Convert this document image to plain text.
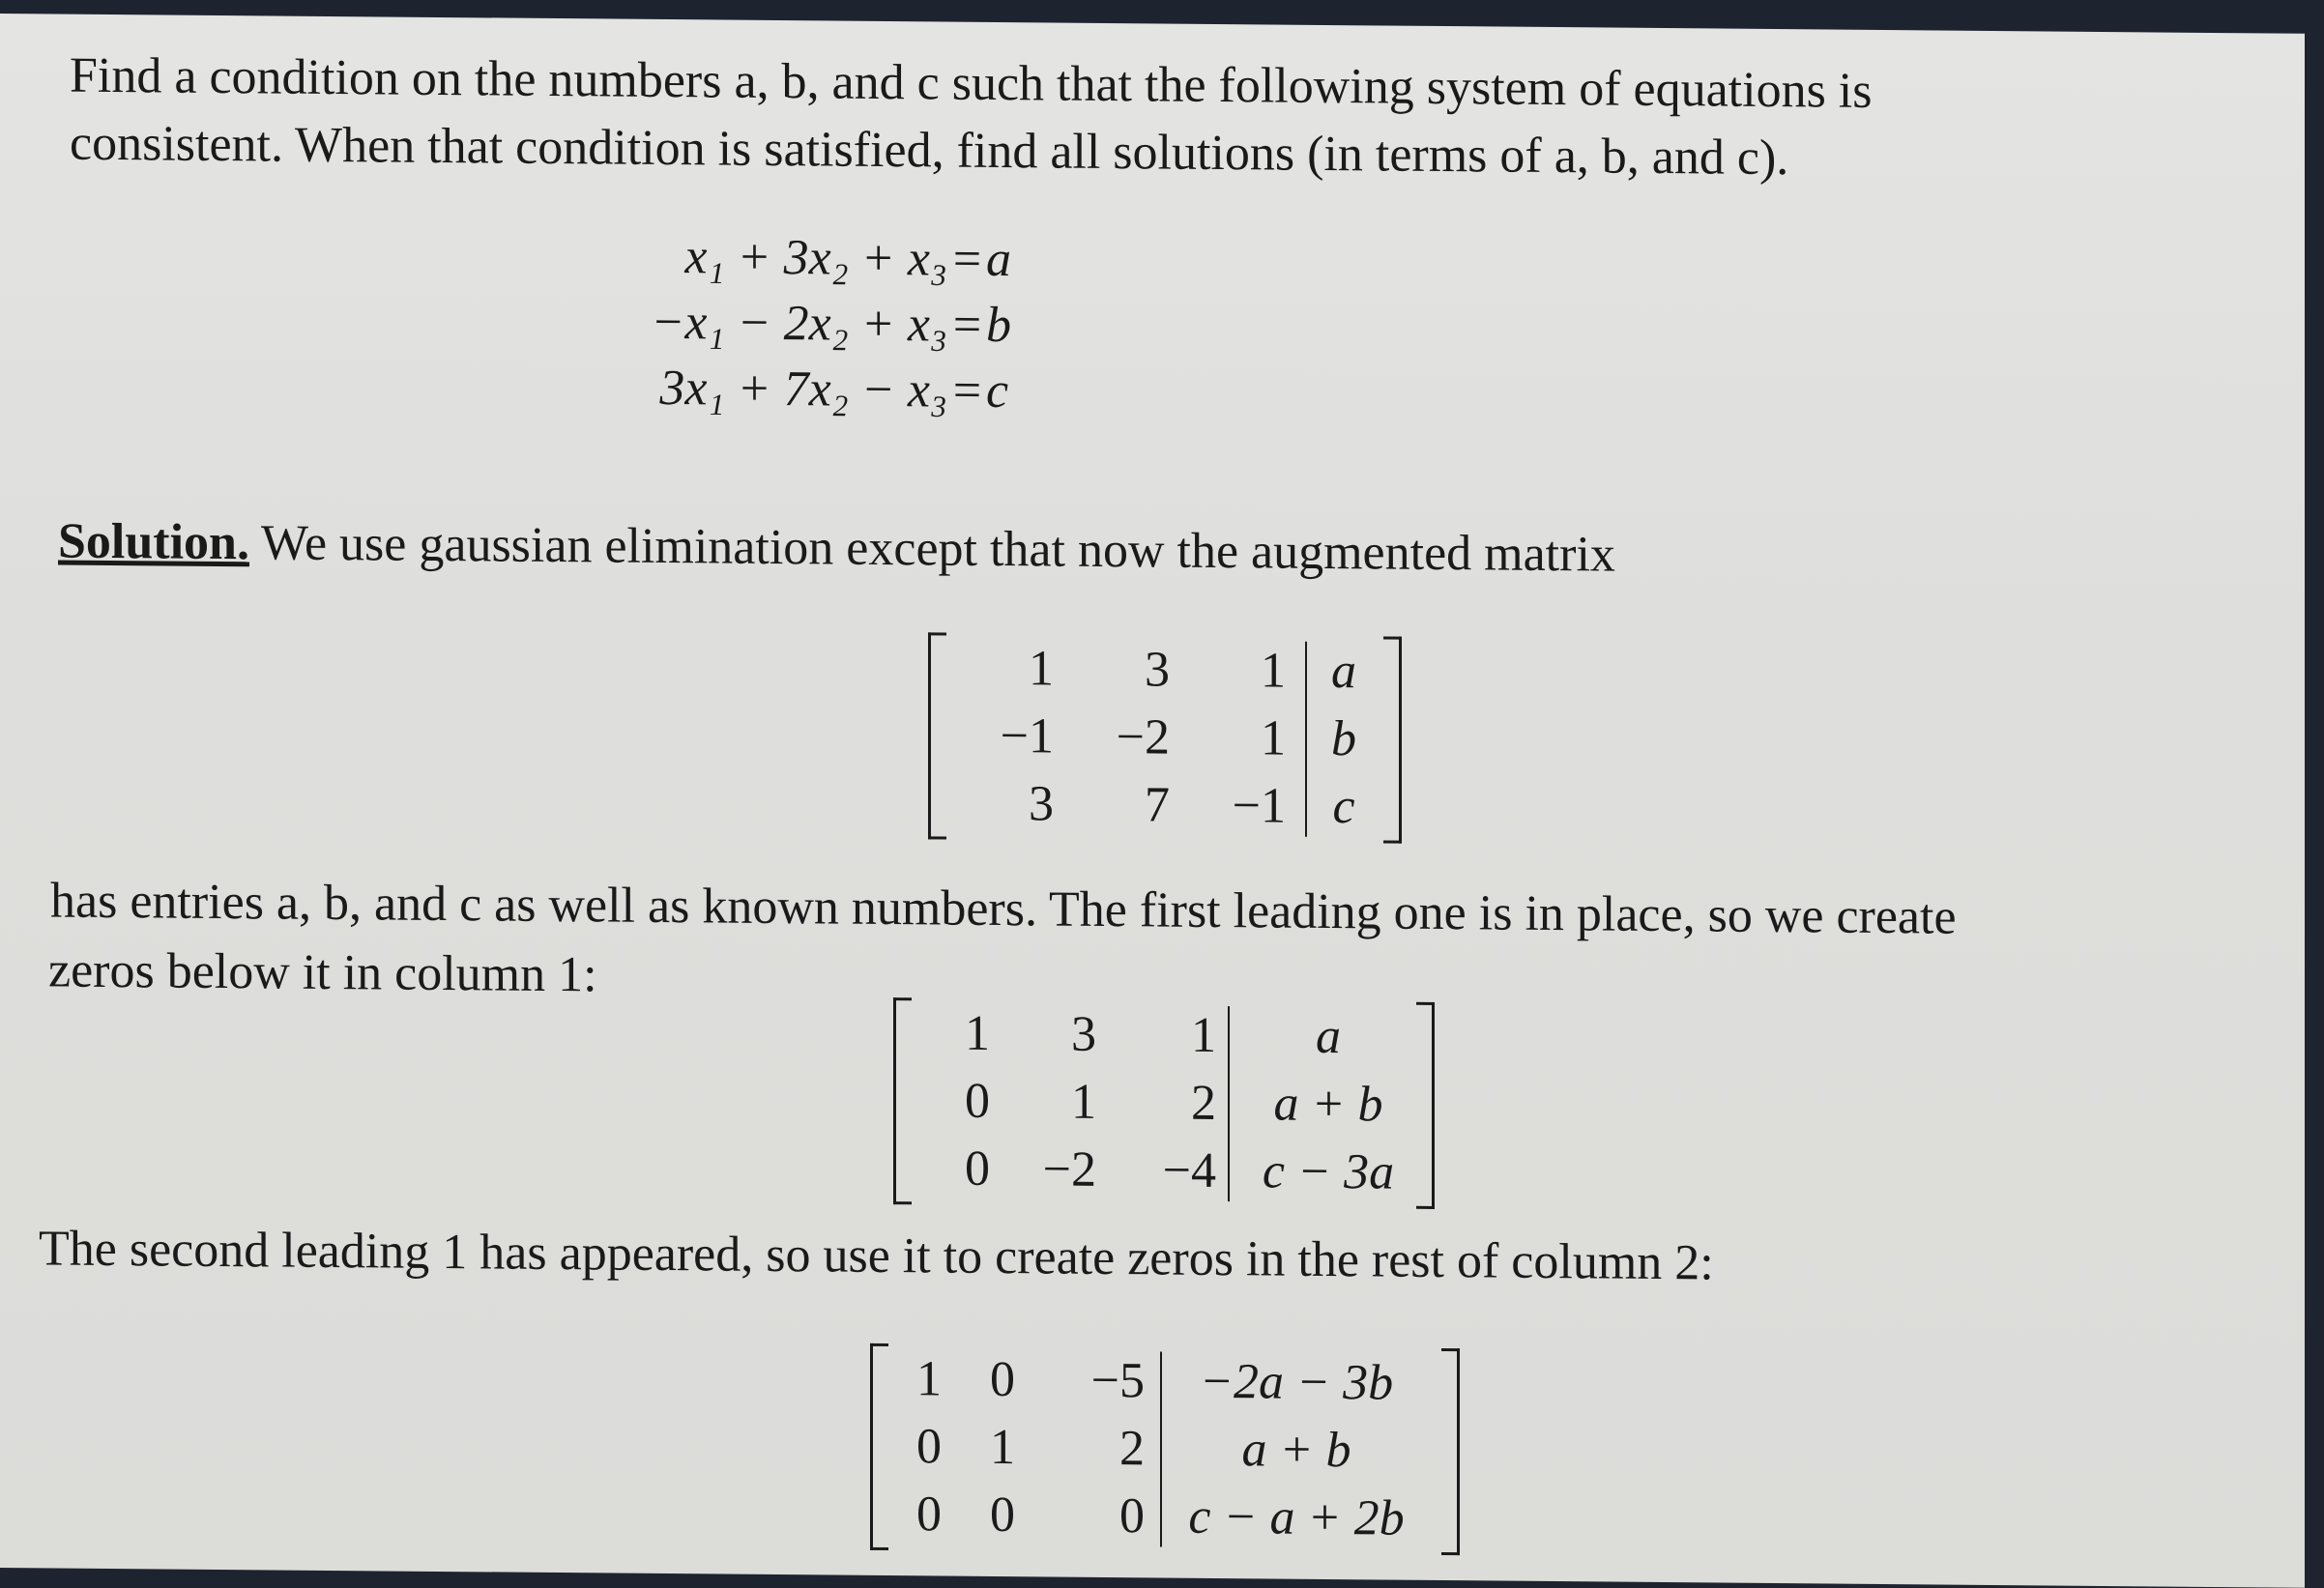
Find a condition on the numbers a, b, and c such that the following system of equations is
consistent. When that condition is satisfied, find all solutions (in terms of a, b, and c).
x₁ + 3x₂ + x₃ = a
−x₁ − 2x₂ + x₃ = b
3x₁ + 7x₂ − x₃ = c
Solution. We use gaussian elimination except that now the augmented matrix
1	3	1 a
−1	−2	1 b
3	7	−1 c
has entries a, b, and c as well as known numbers. The first leading one is in place, so we create
zeros below it in column 1:
1	3	1	a
0	1	2	a + b
0	−2	−4 c − 3a
The second leading 1 has appeared, so use it to create zeros in the rest of column 2:
1 0	−5	−2a − 3b
0 1	2	a + b
0 0	0 c − a + 2b
